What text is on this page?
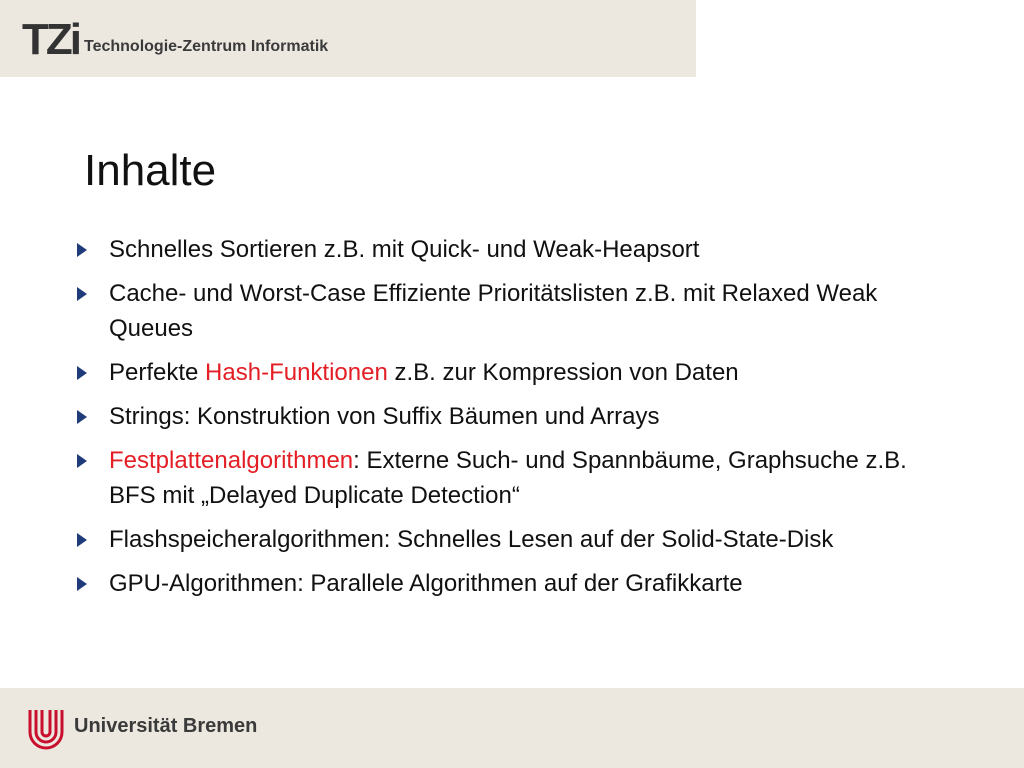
TZi Technologie-Zentrum Informatik
Inhalte
Schnelles Sortieren z.B. mit Quick- und Weak-Heapsort
Cache- und Worst-Case Effiziente Prioritätslisten z.B. mit Relaxed Weak Queues
Perfekte Hash-Funktionen z.B. zur Kompression von Daten
Strings: Konstruktion von Suffix Bäumen und Arrays
Festplattenalgorithmen: Externe Such- und Spannbäume, Graphsuche z.B. BFS mit „Delayed Duplicate Detection“
Flashspeicheralgorithmen: Schnelles Lesen auf der Solid-State-Disk
GPU-Algorithmen: Parallele Algorithmen auf der Grafikkarte
Universität Bremen
